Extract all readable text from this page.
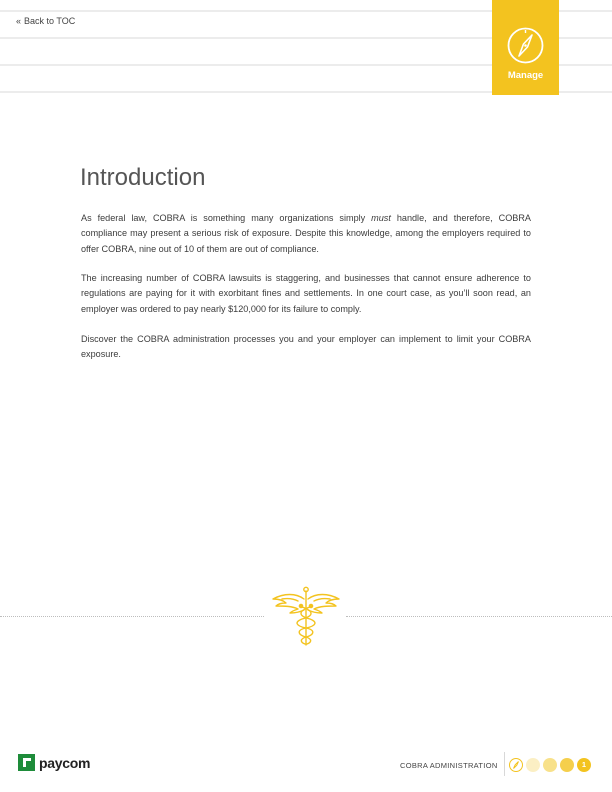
« Back to TOC
Manage
Introduction

As federal law, COBRA is something many organizations simply must handle, and therefore, COBRA compliance may present a serious risk of exposure. Despite this knowledge, among the employers required to offer COBRA, nine out of 10 of them are out of compliance.

The increasing number of COBRA lawsuits is staggering, and businesses that cannot ensure adherence to regulations are paying for it with exorbitant fines and settlements. In one court case, as you’ll soon read, an employer was ordered to pay nearly $120,000 for its failure to comply.

Discover the COBRA administration processes you and your employer can implement to limit your COBRA exposure.

paycom	COBRA ADMINISTRATION	1
